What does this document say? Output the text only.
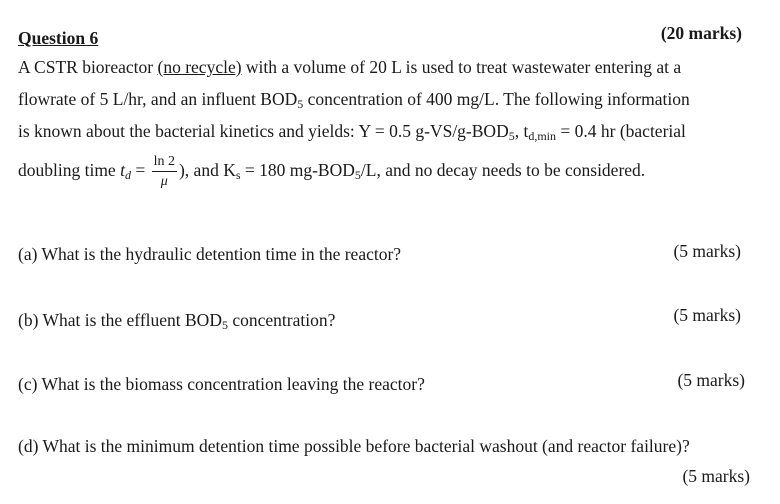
Question 6	(20 marks)
A CSTR bioreactor (no recycle) with a volume of 20 L is used to treat wastewater entering at a
flowrate of 5 L/hr, and an influent $BOD_5$ concentration of 400 mg/L. The following information
is known about the bacterial kinetics and yields: Y = 0.5 $g-VS/g-BOD_5$, $t_{d,min} = 0.4$ hr (bacterial
doubling time $t_d = \frac{\ln 2}{\mu}$ ), and $K_s = 180$ $mg-BOD_5/L$, and no decay needs to be considered.
(a) What is the hydraulic detention time in the reactor?	(5 marks)
(b) What is the effluent $BOD_5$ concentration?	(5 marks)
(c) What is the biomass concentration leaving the reactor?	(5 marks)
(d) What is the minimum detention time possible before bacterial washout (and reactor failure)?
(5 marks)
